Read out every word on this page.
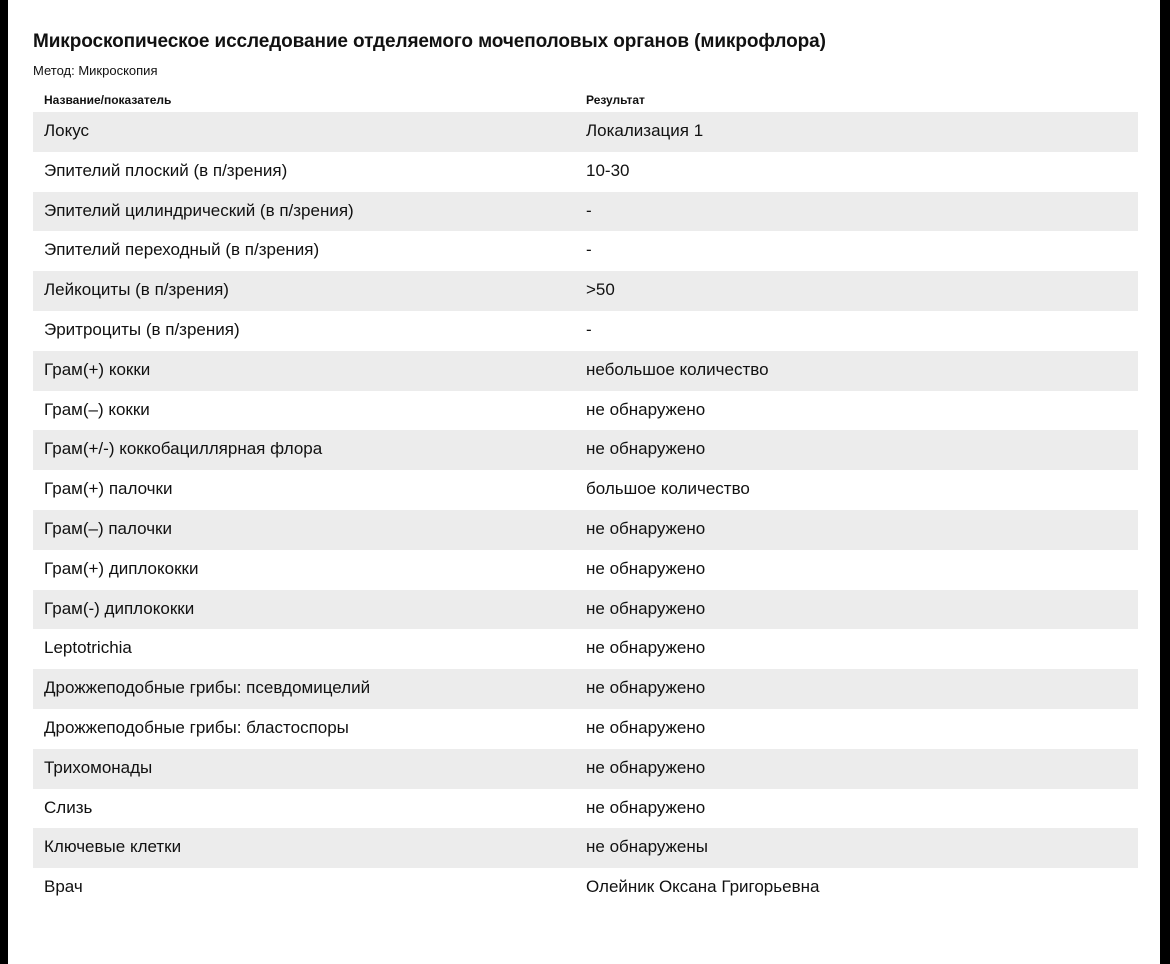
Микроскопическое исследование отделяемого мочеполовых органов (микрофлора)
Метод: Микроскопия
Название/показатель	Результат
Локус	Локализация 1
Эпителий плоский (в п/зрения)	10-30
Эпителий цилиндрический (в п/зрения)	-
Эпителий переходный (в п/зрения)	-
Лейкоциты (в п/зрения)	>50
Эритроциты (в п/зрения)	-
Грам(+) кокки	небольшое количество
Грам(–) кокки	не обнаружено
Грам(+/-) коккобациллярная флора	не обнаружено
Грам(+) палочки	большое количество
Грам(–) палочки	не обнаружено
Грам(+) диплококки	не обнаружено
Грам(-) диплококки	не обнаружено
Leptotrichia	не обнаружено
Дрожжеподобные грибы: псевдомицелий	не обнаружено
Дрожжеподобные грибы: бластоспоры	не обнаружено
Трихомонады	не обнаружено
Слизь	не обнаружено
Ключевые клетки	не обнаружены
Врач	Олейник Оксана Григорьевна
